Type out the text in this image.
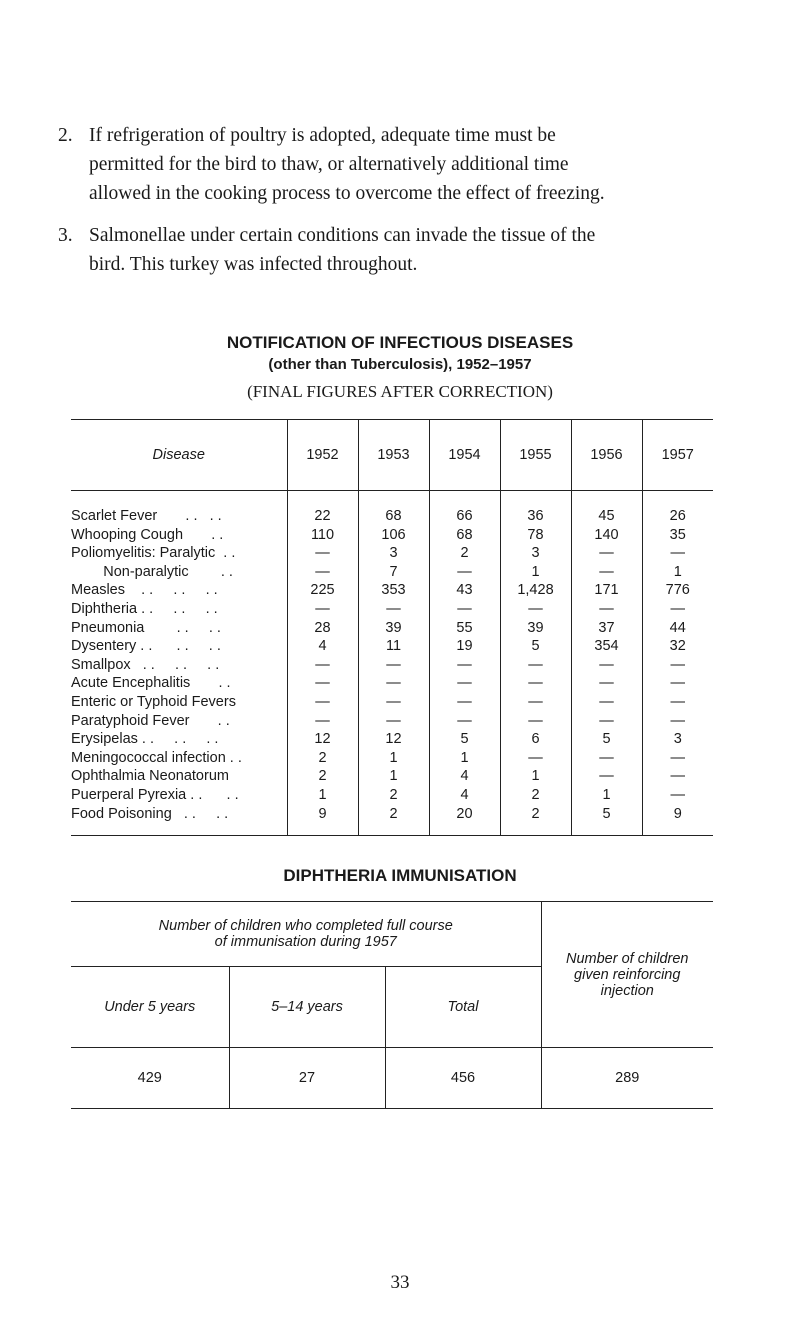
2. If refrigeration of poultry is adopted, adequate time must be
permitted for the bird to thaw, or alternatively additional time
allowed in the cooking process to overcome the effect of freezing.
3. Salmonellae under certain conditions can invade the tissue of the
bird. This turkey was infected throughout.
NOTIFICATION OF INFECTIOUS DISEASES
(other than Tuberculosis), 1952–1957
(FINAL FIGURES AFTER CORRECTION)
Disease	1952	1953	1954	1955	1956	1957
Scarlet Fever       . .   . .	22	68	66	36	45	26
Whooping Cough       . .	110	106	68	78	140	35
Poliomyelitis: Paralytic  . .	—	3	2	3	—	—
Non-paralytic        . .	—	7	—	1	—	1
Measles    . .     . .     . .	225	353	43	1,428	171	776
Diphtheria . .     . .     . .	—	—	—	—	—	—
Pneumonia        . .     . .	28	39	55	39	37	44
Dysentery . .      . .     . .	4	11	19	5	354	32
Smallpox   . .     . .     . .	—	—	—	—	—	—
Acute Encephalitis       . .	—	—	—	—	—	—
Enteric or Typhoid Fevers	—	—	—	—	—	—
Paratyphoid Fever       . .	—	—	—	—	—	—
Erysipelas . .     . .     . .	12	12	5	6	5	3
Meningococcal infection . .	2	1	1	—	—	—
Ophthalmia Neonatorum	2	1	4	1	—	—
Puerperal Pyrexia . .      . .	1	2	4	2	1	—
Food Poisoning   . .     . .	9	2	20	2	5	9
DIPHTHERIA IMMUNISATION
Number of children who completed full course
of immunisation during 1957			Number of children
given reinforcing
injection
Under 5 years	5–14 years	Total	
429	27	456	289
33
